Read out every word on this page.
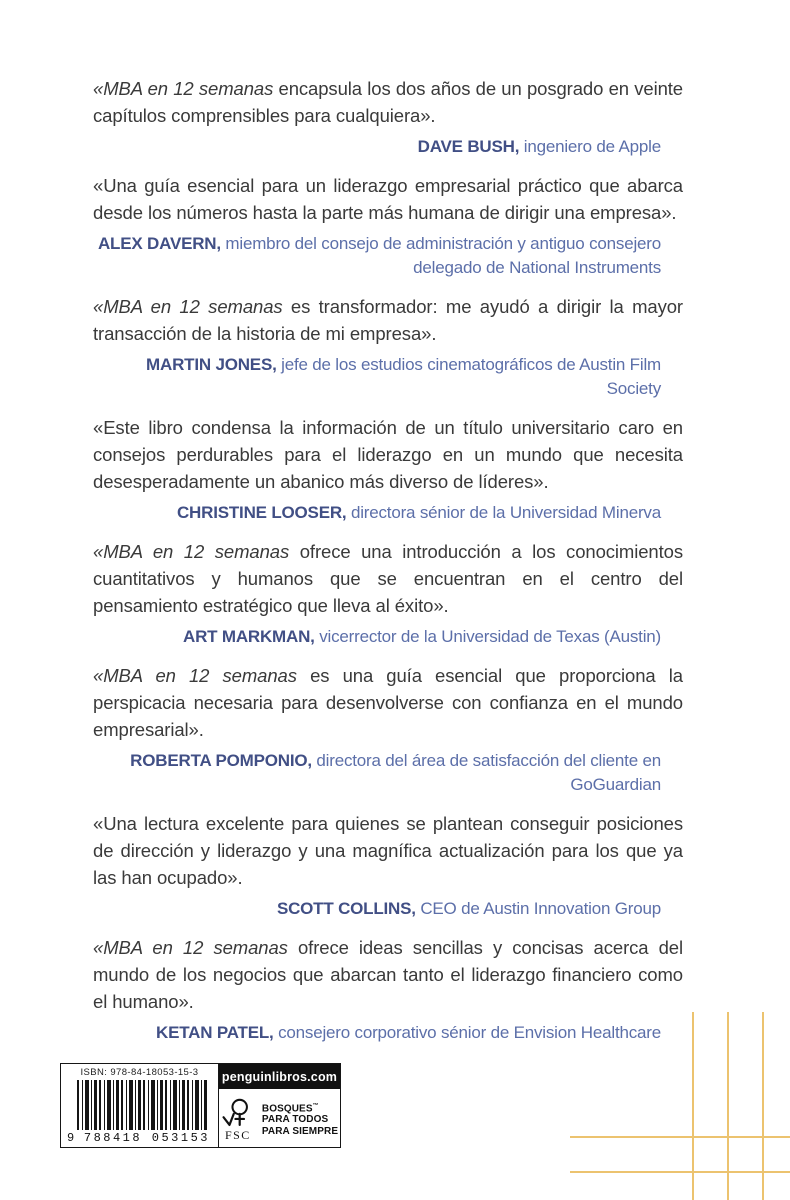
«MBA en 12 semanas encapsula los dos años de un posgrado en veinte capítulos comprensibles para cualquiera».

DAVE BUSH, ingeniero de Apple

«Una guía esencial para un liderazgo empresarial práctico que abarca desde los números hasta la parte más humana de dirigir una empresa».

ALEX DAVERN, miembro del consejo de administración y antiguo consejero delegado de National Instruments

«MBA en 12 semanas es transformador: me ayudó a dirigir la mayor transacción de la historia de mi empresa».

MARTIN JONES, jefe de los estudios cinematográficos de Austin Film Society

«Este libro condensa la información de un título universitario caro en consejos perdurables para el liderazgo en un mundo que necesita desesperadamente un abanico más diverso de líderes».

CHRISTINE LOOSER, directora sénior de la Universidad Minerva

«MBA en 12 semanas ofrece una introducción a los conocimientos cuantitativos y humanos que se encuentran en el centro del pensamiento estratégico que lleva al éxito».

ART MARKMAN, vicerrector de la Universidad de Texas (Austin)

«MBA en 12 semanas es una guía esencial que proporciona la perspicacia necesaria para desenvolverse con confianza en el mundo empresarial».

ROBERTA POMPONIO, directora del área de satisfacción del cliente en GoGuardian

«Una lectura excelente para quienes se plantean conseguir posiciones de dirección y liderazgo y una magnífica actualización para los que ya las han ocupado».

SCOTT COLLINS, CEO de Austin Innovation Group

«MBA en 12 semanas ofrece ideas sencillas y concisas acerca del mundo de los negocios que abarcan tanto el liderazgo financiero como el humano».

KETAN PATEL, consejero corporativo sénior de Envision Healthcare

ISBN: 978-84-18053-15-3
9 788418 053153
penguinlibros.com
FSC
BOSQUES™
PARA TODOS
PARA SIEMPRE
